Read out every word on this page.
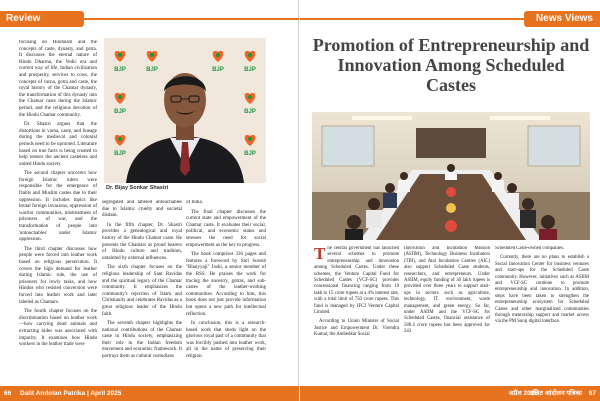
Review

focusing on Hinduism and the concepts of caste, dynasty, and gotra. It discusses the eternal nature of Hindu Dharma, the Vedic era and current way of life, Indian civilization and prosperity, services to cows, the concepts of varna, gotra and caste, the royal history of the Chamar dynasty, the transformation of this dynasty into the Chamar caste during the Islamic period, and the religious devotion of the Hindu Chamar community.

Dr. Shastri argues that the distortions in varna, caste, and lineage during the medieval and colonial periods need to be uprooted. Literature based on true facts is being created to help restore the ancient casteless and united Hindu society.

The second chapter uncovers how foreign Islamic rulers were responsible for the emergence of Dalits and Muslim castes due to their oppression. It includes topics like brutal foreign invasions, oppression of warrior communities, mistreatment of prisoners of war, and the transformation of people into 'untouchables' under Islamic oppression.

The third chapter discusses how people were forced into leather work based on religious persecution. It covers the high demand for leather during Islamic rule, the use of prisoners for lowly tasks, and how Hindus who resisted conversion were forced into leather work and later labeled as Chamars.

The fourth chapter focuses on the discrimination based on leather work—how carrying dead animals and extracting hides was associated with impurity. It examines how Hindu workers in the leather trade were

BJP	BJP	BJP	BJP
BJP	BJP
BJP	BJP
Dr. Bijay Sonkar Shastri

segregated and labeled untouchables due to Islamic cruelty and societal disdain.

In the fifth chapter, Dr. Shastri provides a genealogical and royal history of the Hindu Chamar caste. He presents the Chamars as proud bearers of Hindu culture and tradition, untainted by external influences.

The sixth chapter focuses on the religious leadership of Sant Ravidas and the spiritual legacy of the Chamar community. It emphasizes the community's rejection of Islam and Christianity and celebrates Ravidas as a great religious leader of the Hindu faith.

The seventh chapter highlights the national contributions of the Chamar caste in Hindu society, emphasizing their role in the Indian freedom movement and economic framework. It portrays them as cultural custodians

of India.

The final chapter discusses the current state and empowerment of the Chamar caste. It evaluates their social, political, and economic status and stresses the need for social empowerment as the key to progress.

The book comprises 336 pages and features a foreword by Shri Suresh "Bhaiyyaji" Joshi, a senior member of the RSS. He praises the work for tracing the ancestry, gotras, and sub-castes of the leather-working communities. According to him, this book does not just provide information but opens a new path for intellectual reflection.

In conclusion, this is a research-based work that sheds light on the glorious royal past of a community that was forcibly pushed into leather work, all in the name of preserving their religion.

66 Dalit Andolan Patrika | April 2025
News Views
Promotion of Entrepreneurship and Innovation Among Scheduled Castes

The central government has launched several schemes to promote entrepreneurship and innovation among Scheduled Castes. Under these schemes, the Venture Capital Fund for Scheduled Castes (VCF-SC) provides concessional financing ranging from 10 lakh to 15 crore rupees at a 4% interest rate, with a total limit of 750 crore rupees. This fund is managed by IFCI Venture Capital Limited.

According to Union Minister of Social Justice and Empowerment Dr. Virendra Kumar, the Ambedkar Social

Innovation and Incubation Mission (ASIIM), Technology Business Incubators (TBI), and Atal Incubation Centres (AIC) also support Scheduled Caste students, researchers, and entrepreneurs. Under ASIIM, equity funding of 30 lakh rupees is provided over three years to support start-ups in sectors such as agriculture, technology, IT, environment, waste management, and green energy. So far, under ASIIM and the VCF-SC for Scheduled Castes, financial assistance of 588.4 crore rupees has been approved for 243

Scheduled Caste-owned companies.

Currently, there are no plans to establish a Social Innovation Center for business ventures and start-ups for the Scheduled Caste community. However, initiatives such as ASIIM and VCF-SC continue to promote entrepreneurship and innovation. In addition, steps have been taken to strengthen the entrepreneurship ecosystem for Scheduled Castes and other marginalized communities through mentorship support and market access via the PM Suraj digital interface.

अप्रैल 2025
दलित आंदोलन पत्रिका 67
